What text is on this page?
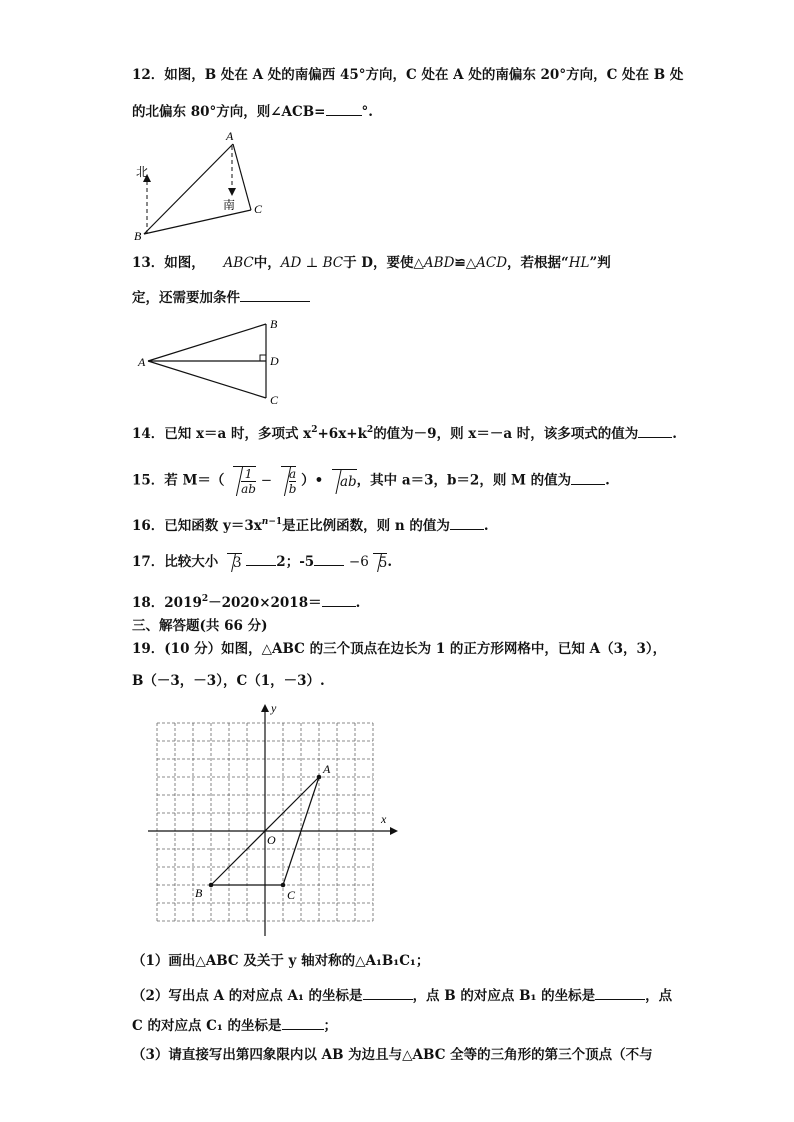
12．如图，B 处在 A 处的南偏西 45°方向，C 处在 A 处的南偏东 20°方向，C 处在 B 处
的北偏东 80°方向，则∠ACB=	°.
A
B
C
北
南
13．如图， ABC中，AD ⊥ BC于 D，要使△ABD≌△ACD，若根据“HL”判
定，还需要加条件
A
B
C
D
14．已知 x＝a 时，多项式 $x^2+6x+k^2$的值为－9，则 x＝－a 时，该多项式的值为	.
15．若 $M=( \frac{1}{ab} - \frac{a}{b}$ ）• ab，其中 a＝3，b＝2，则 M 的值为	.
16．已知函数 $y=3x^{n-1}$是正比例函数，则 n 的值为	.
17．比较大小 3	2；-5	−6 5.
18．$2019^2-2020\times 2018=$	.
三、解答题(共 66 分)
19．(10 分）如图，△ABC 的三个顶点在边长为 1 的正方形网格中，已知 A（3，3），
B（－3，－3），C（1，－3）.
x
y
O
A
B	C
（1）画出△ABC 及关于 y 轴对称的△A₁B₁C₁；
（2）写出点 A 的对应点 A₁ 的坐标是	，点 B 的对应点 B₁ 的坐标是	，点
C 的对应点 C₁ 的坐标是	；
（3）请直接写出第四象限内以 AB 为边且与△ABC 全等的三角形的第三个顶点（不与
